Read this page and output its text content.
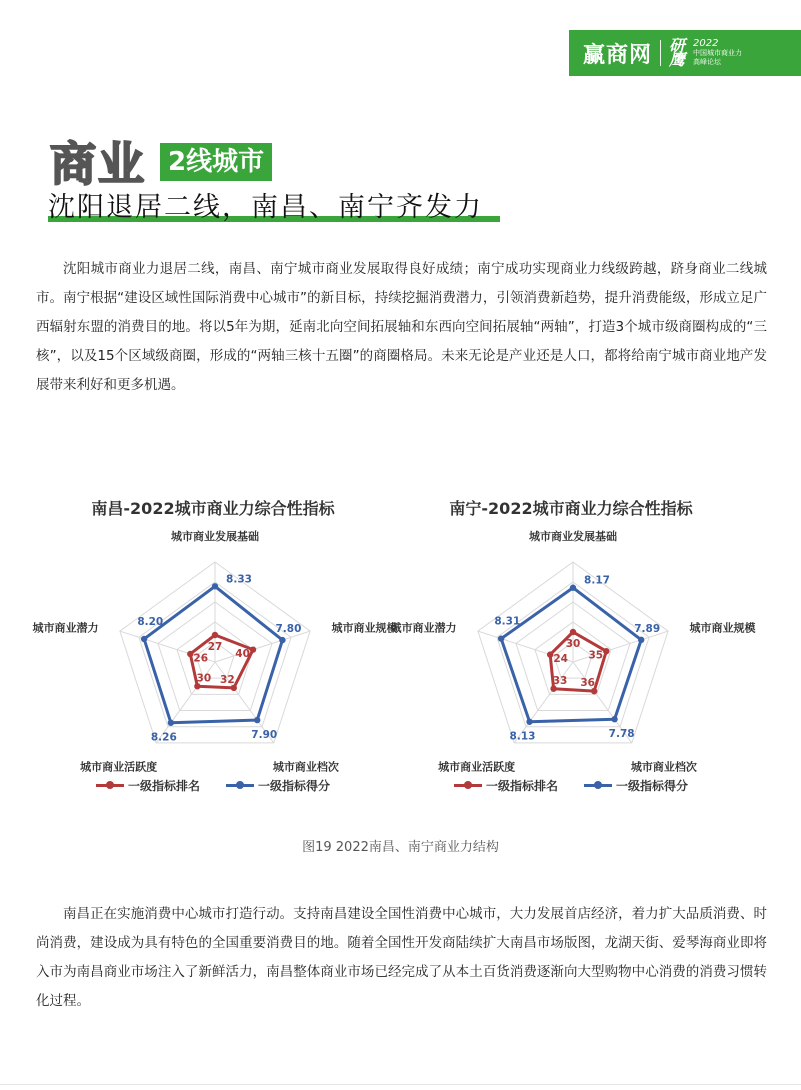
赢商网 研鹰
2022
中国城市商业力
高峰论坛
商业 2线城市
沈阳退居二线，南昌、南宁齐发力

沈阳城市商业力退居二线，南昌、南宁城市商业发展取得良好成绩；南宁成功实现商业力线级跨越，跻身商业二线城市。南宁根据“建设区域性国际消费中心城市”的新目标，持续挖掘消费潜力，引领消费新趋势，提升消费能级，形成立足广西辐射东盟的消费目的地。将以5年为期，延南北向空间拓展轴和东西向空间拓展轴“两轴”，打造3个城市级商圈构成的“三核”，以及15个区域级商圈，形成的“两轴三核十五圈”的商圈格局。未来无论是产业还是人口，都将给南宁城市商业地产发展带来利好和更多机遇。

城市商业发展基础
城市商业规模
城市商业档次
城市商业活跃度
城市商业潜力
27
40
32
30
26
8.33
7.80
7.90
8.26
8.20
南昌-2022城市商业力综合性指标
一级指标排名	一级指标得分
城市商业发展基础
城市商业规模
城市商业档次
城市商业活跃度
城市商业潜力
30
35
36
33
24
8.17
7.89
7.78
8.13
8.31
南宁-2022城市商业力综合性指标
一级指标排名	一级指标得分
图19 2022南昌、南宁商业力结构

南昌正在实施消费中心城市打造行动。支持南昌建设全国性消费中心城市，大力发展首店经济，着力扩大品质消费、时尚消费，建设成为具有特色的全国重要消费目的地。随着全国性开发商陆续扩大南昌市场版图，龙湖天街、爱琴海商业即将入市为南昌商业市场注入了新鲜活力，南昌整体商业市场已经完成了从本土百货消费逐渐向大型购物中心消费的消费习惯转化过程。
